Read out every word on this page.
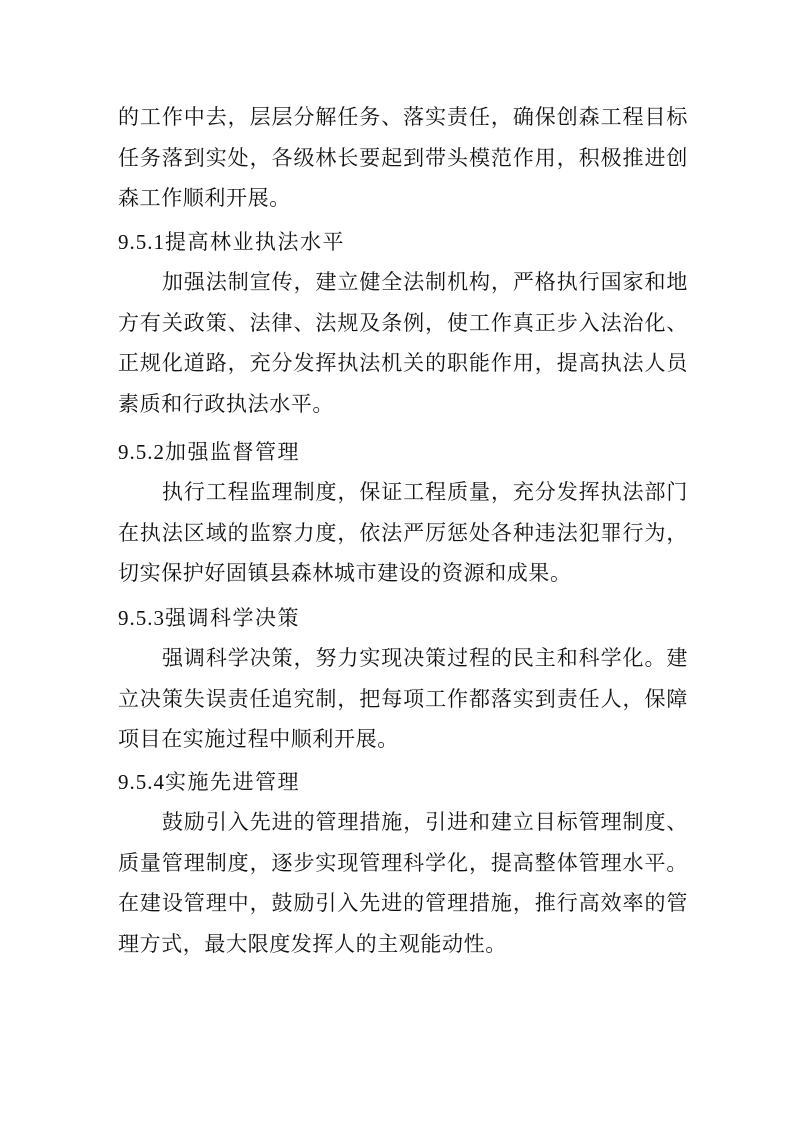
的工作中去，层层分解任务、落实责任，确保创森工程目标任务落到实处，各级林长要起到带头模范作用，积极推进创森工作顺利开展。

9.5.1提高林业执法水平

加强法制宣传，建立健全法制机构，严格执行国家和地方有关政策、法律、法规及条例，使工作真正步入法治化、正规化道路，充分发挥执法机关的职能作用，提高执法人员素质和行政执法水平。

9.5.2加强监督管理

执行工程监理制度，保证工程质量，充分发挥执法部门在执法区域的监察力度，依法严厉惩处各种违法犯罪行为，切实保护好固镇县森林城市建设的资源和成果。

9.5.3强调科学决策

强调科学决策，努力实现决策过程的民主和科学化。建立决策失误责任追究制，把每项工作都落实到责任人，保障项目在实施过程中顺利开展。

9.5.4实施先进管理

鼓励引入先进的管理措施，引进和建立目标管理制度、质量管理制度，逐步实现管理科学化，提高整体管理水平。在建设管理中，鼓励引入先进的管理措施，推行高效率的管理方式，最大限度发挥人的主观能动性。
